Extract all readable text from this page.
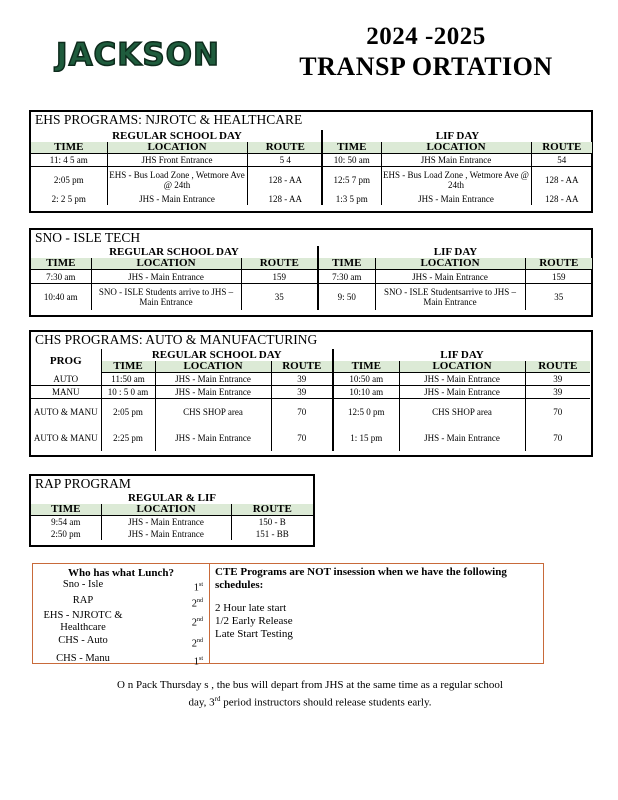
JACKSON
2024 -2025
TRANSP ORTATION
EHS PROGRAMS: NJROTC & HEALTHCARE
REGULAR SCHOOL DAY
TIME	LOCATION	ROUTE
11: 4 5 am	JHS Front Entrance	5 4
2:05 pm	EHS - Bus Load Zone , Wetmore Ave @ 24th	128 - AA
2: 2 5 pm	JHS - Main Entrance	128 - AA
LIF DAY
TIME	LOCATION	ROUTE
10: 50 am	JHS Main Entrance	54
12:5 7 pm	EHS - Bus Load Zone , Wetmore Ave @ 24th	128 - AA
1:3 5 pm	JHS - Main Entrance	128 - AA
SNO - ISLE TECH
REGULAR SCHOOL DAY
TIME	LOCATION	ROUTE
7:30 am	JHS - Main Entrance	159
10:40 am	SNO - ISLE Students arrive to JHS – Main Entrance	35
LIF DAY
TIME	LOCATION	ROUTE
7:30 am	JHS - Main Entrance	159
9: 50	SNO - ISLE Studentsarrive to JHS – Main Entrance	35
CHS PROGRAMS: AUTO & MANUFACTURING
PROG	REGULAR SCHOOL DAY			LIF DAY		
	TIME	LOCATION	ROUTE	TIME	LOCATION	ROUTE
AUTO	11:50 am	JHS - Main Entrance	39	10:50 am	JHS - Main Entrance	39
MANU	10 : 5 0 am	JHS - Main Entrance	39	10:10 am	JHS - Main Entrance	39
AUTO & MANU	2:05 pm	CHS SHOP area	70	12:5 0 pm	CHS SHOP area	70
AUTO & MANU	2:25 pm	JHS - Main Entrance	70	1: 15 pm	JHS - Main Entrance	70
RAP PROGRAM
REGULAR & LIF
TIME	LOCATION	ROUTE
9:54 am	JHS - Main Entrance	150 - B
2:50 pm	JHS - Main Entrance	151 - BB
Who has what Lunch?
Sno - Isle	1st
RAP	2nd
EHS - NJROTC & Healthcare	2nd
CHS - Auto	2nd
CHS - Manu	1st
CTE Programs are NOT insession when we have the following schedules:
2 Hour late start
1/2 Early Release
Late Start Testing
O n Pack Thursday s , the bus will depart from JHS at the same time as a regular school
day, 3rd period instructors should release students early.
